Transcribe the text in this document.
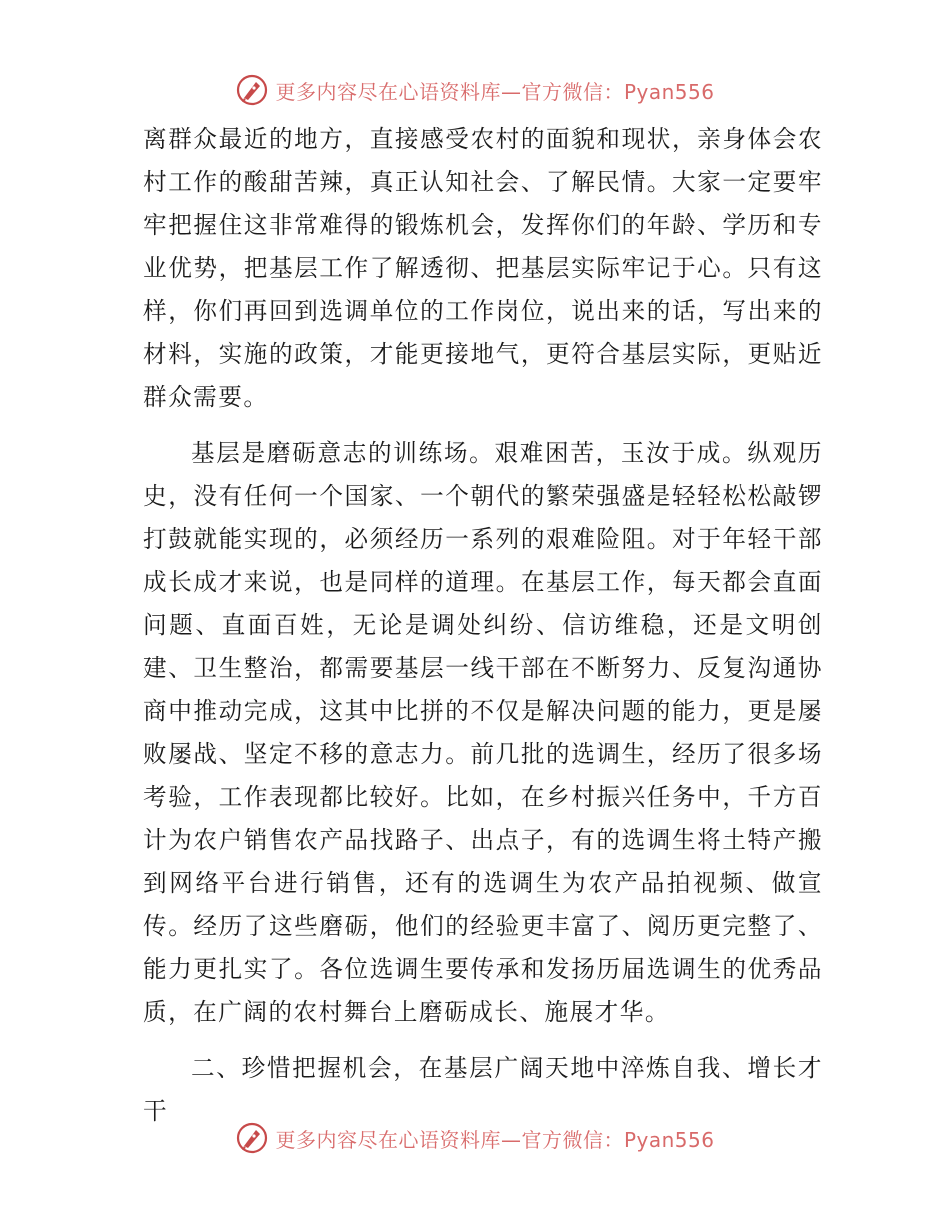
更多内容尽在心语资料库—官方微信：Pyan556

离群众最近的地方，直接感受农村的面貌和现状，亲身体会农村工作的酸甜苦辣，真正认知社会、了解民情。大家一定要牢牢把握住这非常难得的锻炼机会，发挥你们的年龄、学历和专业优势，把基层工作了解透彻、把基层实际牢记于心。只有这样，你们再回到选调单位的工作岗位，说出来的话，写出来的材料，实施的政策，才能更接地气，更符合基层实际，更贴近群众需要。

基层是磨砺意志的训练场。艰难困苦，玉汝于成。纵观历史，没有任何一个国家、一个朝代的繁荣强盛是轻轻松松敲锣打鼓就能实现的，必须经历一系列的艰难险阻。对于年轻干部成长成才来说，也是同样的道理。在基层工作，每天都会直面问题、直面百姓，无论是调处纠纷、信访维稳，还是文明创建、卫生整治，都需要基层一线干部在不断努力、反复沟通协商中推动完成，这其中比拼的不仅是解决问题的能力，更是屡败屡战、坚定不移的意志力。前几批的选调生，经历了很多场考验，工作表现都比较好。比如，在乡村振兴任务中，千方百计为农户销售农产品找路子、出点子，有的选调生将土特产搬到网络平台进行销售，还有的选调生为农产品拍视频、做宣传。经历了这些磨砺，他们的经验更丰富了、阅历更完整了、能力更扎实了。各位选调生要传承和发扬历届选调生的优秀品质，在广阔的农村舞台上磨砺成长、施展才华。

二、珍惜把握机会，在基层广阔天地中淬炼自我、增长才干

更多内容尽在心语资料库—官方微信：Pyan556
